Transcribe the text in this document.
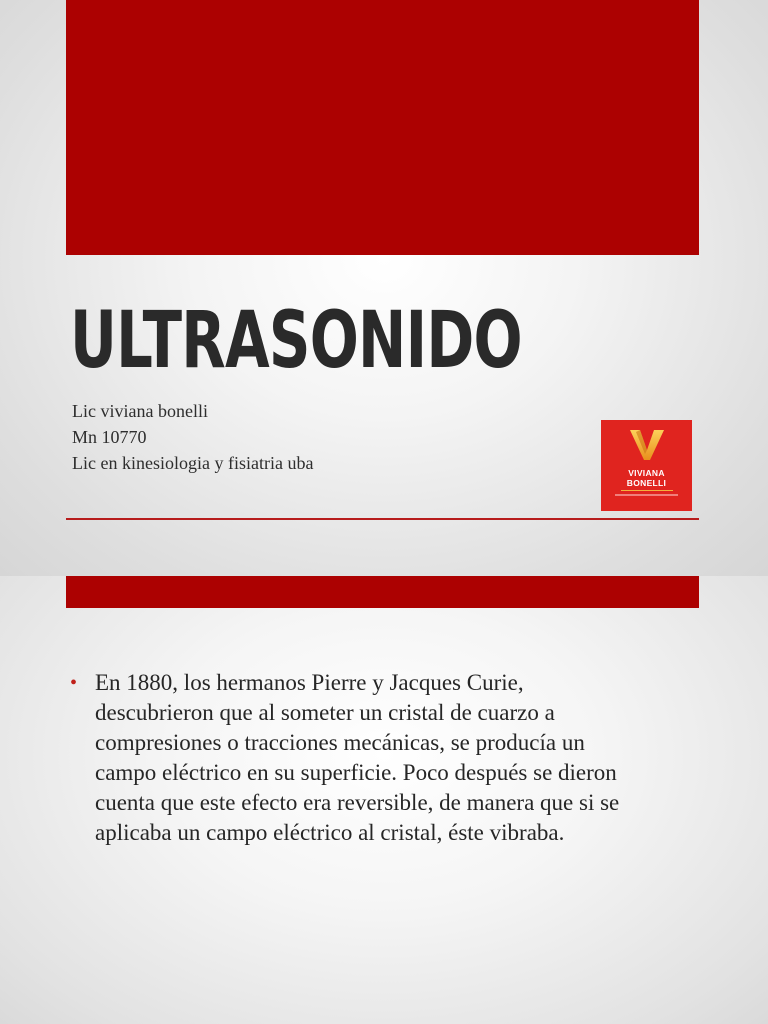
ULTRASONIDO
Lic viviana bonelli
Mn 10770
Lic en kinesiologia y fisiatria uba	VIVIANA
BONELLI
• En 1880, los hermanos Pierre y Jacques Curie,
descubrieron que al someter un cristal de cuarzo a
compresiones o tracciones mecánicas, se producía un
campo eléctrico en su superficie. Poco después se dieron
cuenta que este efecto era reversible, de manera que si se
aplicaba un campo eléctrico al cristal, éste vibraba.
